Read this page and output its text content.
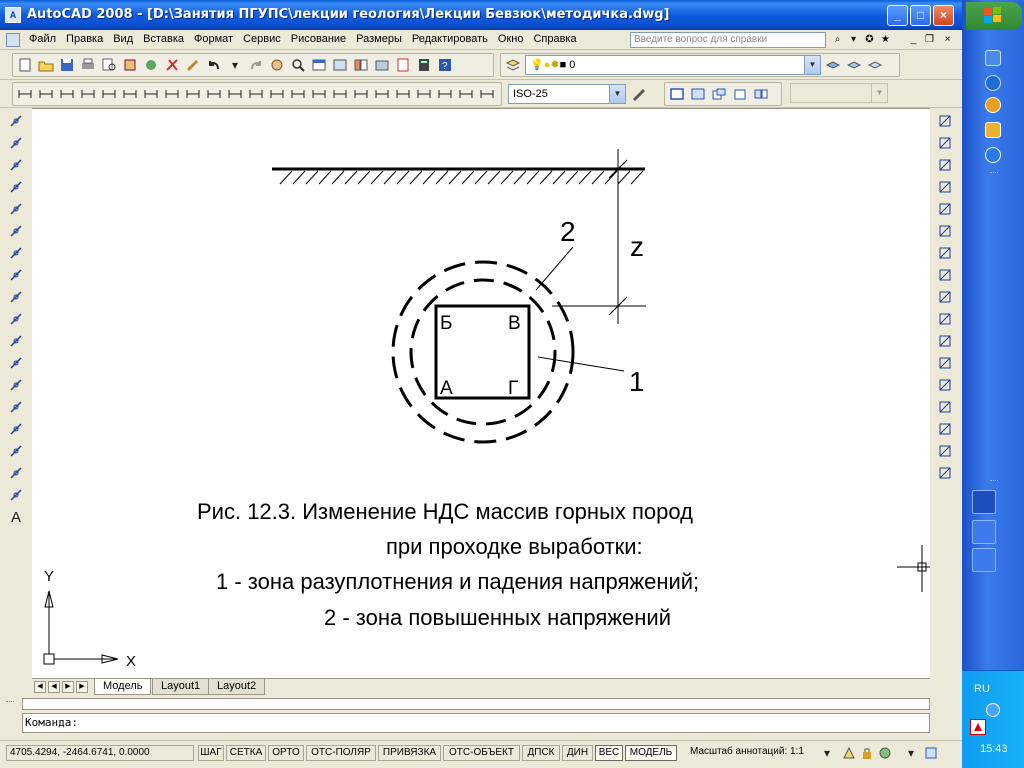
A AutoCAD 2008 - [D:\Занятия ПГУПС\лекции геология\Лекции Бевзюк\методичка.dwg]	_	□	×
Файл Правка Вид Вставка Формат Сервис Рисование Размеры Редактировать Окно Справка	Введите вопрос для справки	⌕	▾ ✪ ★	_ ❐	×
▾	?	💡●✹■ 0	▼
ISO-25	▼	▼
A
z
Б	В
А	Г
2
1
Рис. 12.3. Изменение НДС массив горных пород
при проходке выработки:
1 - зона разуплотнения и падения напряжений;
2 - зона повышенных напряжений
Y
X
◀	◀	▶	▶	Модель	Layout1	Layout2
Команда:
4705.4294, -2464.6741, 0.0000	ШАГ СЕТКА	ОРТО	ОТС-ПОЛЯР	ПРИВЯЗКА	ОТС-ОБЪЕКТ	ДПСК	ДИН	ВЕС	МОДЕЛЬ	Масштаб аннотаций: 1:1	▾	▾
RU
15:43
